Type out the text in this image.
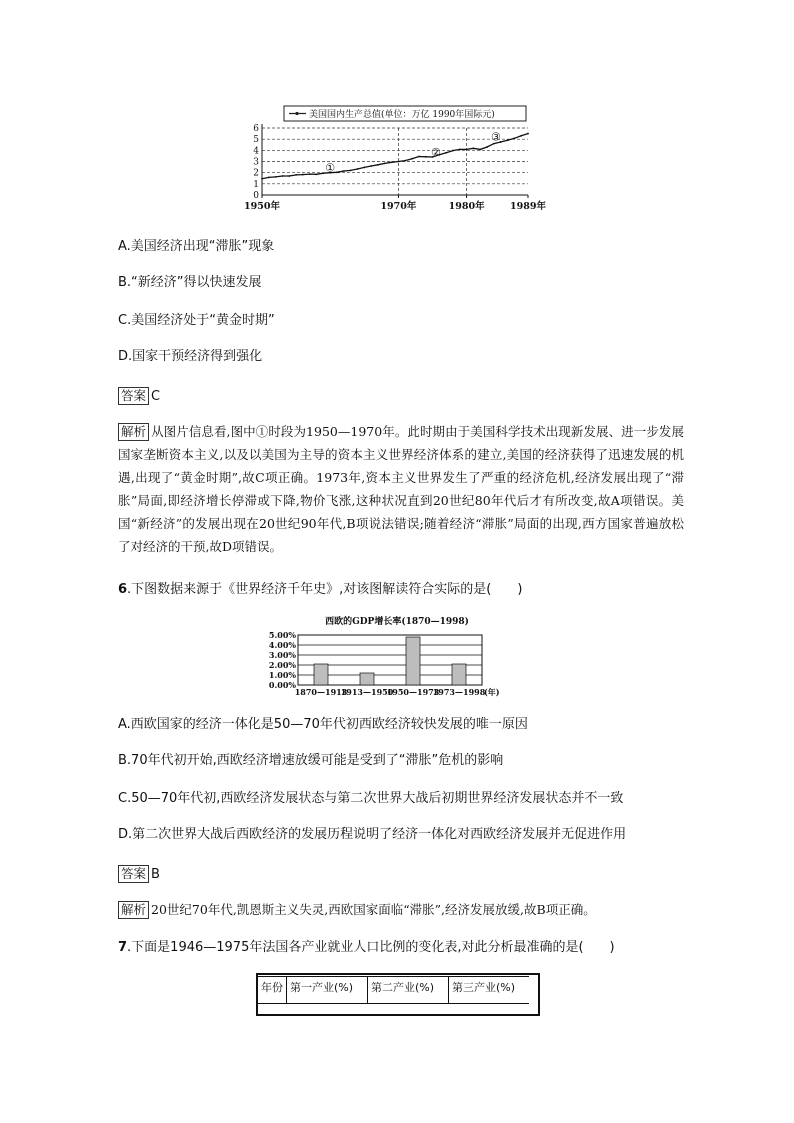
美国国内生产总值(单位：万亿 1990年国际元)
0
1
2
3
4
5
6
1950年	1970年	1980年	1989年
①
②
③
A.美国经济出现“滞胀”现象
B.“新经济”得以快速发展
C.美国经济处于“黄金时期”
D.国家干预经济得到强化
答案 C
解析 从图片信息看,图中①时段为1950—1970年。此时期由于美国科学技术出现新发展、进一步发展国家垄断资本主义,以及以美国为主导的资本主义世界经济体系的建立,美国的经济获得了迅速发展的机遇,出现了“黄金时期”,故C项正确。1973年,资本主义世界发生了严重的经济危机,经济发展出现了“滞胀”局面,即经济增长停滞或下降,物价飞涨,这种状况直到20世纪80年代后才有所改变,故A项错误。美国“新经济”的发展出现在20世纪90年代,B项说法错误;随着经济“滞胀”局面的出现,西方国家普遍放松了对经济的干预,故D项错误。
6.下图数据来源于《世界经济千年史》,对该图解读符合实际的是(　　)
西欧的GDP增长率(1870—1998)
0.00%
1.00%
2.00%
3.00%
4.00%
5.00%
1870—1913
1913—1950
1950—1973
1973—1998
(年)
A.西欧国家的经济一体化是50—70年代初西欧经济较快发展的唯一原因
B.70年代初开始,西欧经济增速放缓可能是受到了“滞胀”危机的影响
C.50—70年代初,西欧经济发展状态与第二次世界大战后初期世界经济发展状态并不一致
D.第二次世界大战后西欧经济的发展历程说明了经济一体化对西欧经济发展并无促进作用
答案 B
解析 20世纪70年代,凯恩斯主义失灵,西欧国家面临“滞胀”,经济发展放缓,故B项正确。
7.下面是1946—1975年法国各产业就业人口比例的变化表,对此分析最准确的是(　　)
年份	第一产业(%)	第二产业(%)	第三产业(%)
